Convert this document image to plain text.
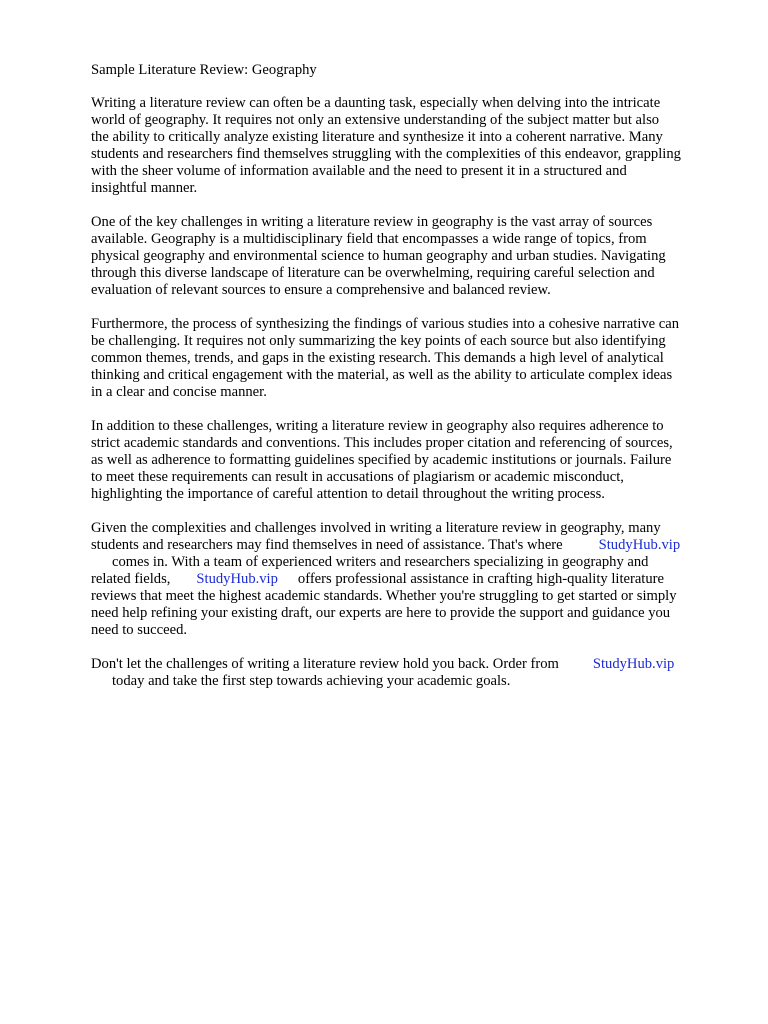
Sample Literature Review: Geography
Writing a literature review can often be a daunting task, especially when delving into the intricate
world of geography. It requires not only an extensive understanding of the subject matter but also
the ability to critically analyze existing literature and synthesize it into a coherent narrative. Many
students and researchers find themselves struggling with the complexities of this endeavor, grappling
with the sheer volume of information available and the need to present it in a structured and
insightful manner.
One of the key challenges in writing a literature review in geography is the vast array of sources
available. Geography is a multidisciplinary field that encompasses a wide range of topics, from
physical geography and environmental science to human geography and urban studies. Navigating
through this diverse landscape of literature can be overwhelming, requiring careful selection and
evaluation of relevant sources to ensure a comprehensive and balanced review.
Furthermore, the process of synthesizing the findings of various studies into a cohesive narrative can
be challenging. It requires not only summarizing the key points of each source but also identifying
common themes, trends, and gaps in the existing research. This demands a high level of analytical
thinking and critical engagement with the material, as well as the ability to articulate complex ideas
in a clear and concise manner.
In addition to these challenges, writing a literature review in geography also requires adherence to
strict academic standards and conventions. This includes proper citation and referencing of sources,
as well as adherence to formatting guidelines specified by academic institutions or journals. Failure
to meet these requirements can result in accusations of plagiarism or academic misconduct,
highlighting the importance of careful attention to detail throughout the writing process.
Given the complexities and challenges involved in writing a literature review in geography, many
students and researchers may find themselves in need of assistance. That's where StudyHub.vip
comes in. With a team of experienced writers and researchers specializing in geography and
related fields, StudyHub.vip offers professional assistance in crafting high-quality literature
reviews that meet the highest academic standards. Whether you're struggling to get started or simply
need help refining your existing draft, our experts are here to provide the support and guidance you
need to succeed.
Don't let the challenges of writing a literature review hold you back. Order from StudyHub.vip
today and take the first step towards achieving your academic goals.
